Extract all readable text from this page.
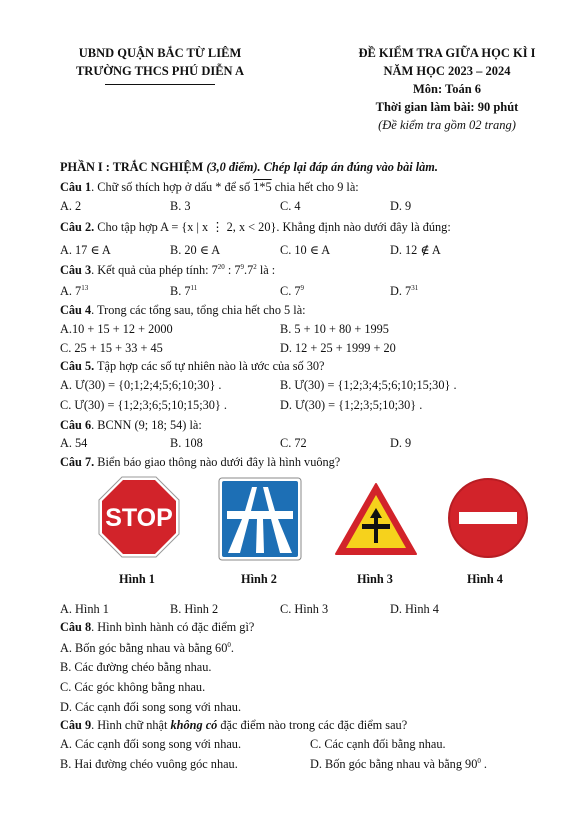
UBND QUẬN BẮC TỪ LIÊM
TRƯỜNG THCS PHÚ DIỄN A
ĐỀ KIỂM TRA GIỮA HỌC KÌ I
NĂM HỌC 2023 – 2024
Môn: Toán 6
Thời gian làm bài: 90 phút
(Đề kiểm tra gồm 02 trang)
PHẦN I : TRẮC NGHIỆM (3,0 điểm). Chép lại đáp án đúng vào bài làm.
Câu 1. Chữ số thích hợp ở dấu * để số 1*5 chia hết cho 9 là:
A. 2	B. 3	C. 4	D. 9
Câu 2. Cho tập hợp A = {x | x ⋮ 2, x < 20}. Khẳng định nào dưới đây là đúng:
A. 17 ∈ A	B. 20 ∈ A	C. 10 ∈ A	D. 12 ∉ A
Câu 3. Kết quả của phép tính: $7^{20}$ : $7^9.7^2$ là :
A. $7^{13}$	B. $7^{11}$	C. $7^9$	D. $7^{31}$
Câu 4. Trong các tổng sau, tổng chia hết cho 5 là:
A.10 + 15 + 12 + 2000	B. 5 + 10 + 80 + 1995
C. 25 + 15 + 33 + 45	D. 12 + 25 + 1999 + 20
Câu 5. Tập hợp các số tự nhiên nào là ước của số 30?
A. Ư(30) = {0;1;2;4;5;6;10;30} .	B. Ư(30) = {1;2;3;4;5;6;10;15;30} .
C. Ư(30) = {1;2;3;6;5;10;15;30} .	D. Ư(30) = {1;2;3;5;10;30} .
Câu 6. BCNN (9; 18; 54) là:
A. 54	B. 108	C. 72	D. 9
Câu 7. Biển báo giao thông nào dưới đây là hình vuông?
STOP
Hình 1	Hình 2	Hình 3	Hình 4
A. Hình 1	B. Hình 2	C. Hình 3	D. Hình 4
Câu 8. Hình bình hành có đặc điểm gì?
A. Bốn góc bằng nhau và bằng $60^0$.
B. Các đường chéo bằng nhau.
C. Các góc không bằng nhau.
D. Các cạnh đối song song với nhau.
Câu 9. Hình chữ nhật không có đặc điểm nào trong các đặc điểm sau?
A. Các cạnh đối song song với nhau.	C. Các cạnh đối bằng nhau.
B. Hai đường chéo vuông góc nhau.	D. Bốn góc bằng nhau và bằng $90^0$ .
